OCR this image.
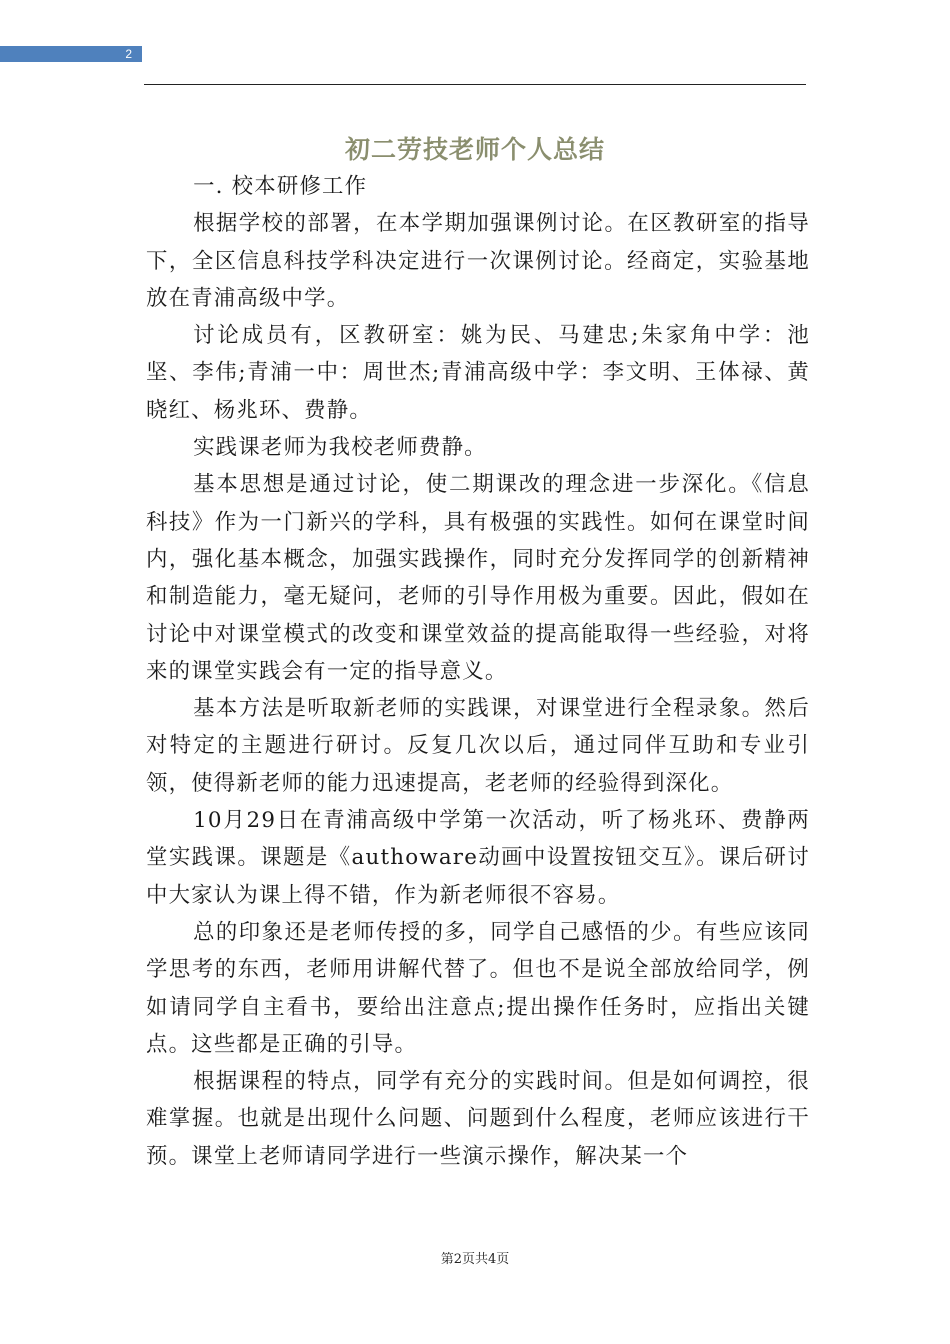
2
初二劳技老师个人总结

一. 校本研修工作

根据学校的部署，在本学期加强课例讨论。在区教研室的指导下，全区信息科技学科决定进行一次课例讨论。经商定，实验基地放在青浦高级中学。

讨论成员有，区教研室：姚为民、马建忠;朱家角中学：池坚、李伟;青浦一中：周世杰;青浦高级中学：李文明、王体禄、黄晓红、杨兆环、费静。

实践课老师为我校老师费静。

基本思想是通过讨论，使二期课改的理念进一步深化。《信息科技》作为一门新兴的学科，具有极强的实践性。如何在课堂时间内，强化基本概念，加强实践操作，同时充分发挥同学的创新精神和制造能力，毫无疑问，老师的引导作用极为重要。因此，假如在讨论中对课堂模式的改变和课堂效益的提高能取得一些经验，对将来的课堂实践会有一定的指导意义。

基本方法是听取新老师的实践课，对课堂进行全程录象。然后对特定的主题进行研讨。反复几次以后，通过同伴互助和专业引领，使得新老师的能力迅速提高，老老师的经验得到深化。

10月29日在青浦高级中学第一次活动，听了杨兆环、费静两堂实践课。课题是《authoware动画中设置按钮交互》。课后研讨中大家认为课上得不错，作为新老师很不容易。

总的印象还是老师传授的多，同学自己感悟的少。有些应该同学思考的东西，老师用讲解代替了。但也不是说全部放给同学，例如请同学自主看书，要给出注意点;提出操作任务时，应指出关键点。这些都是正确的引导。

根据课程的特点，同学有充分的实践时间。但是如何调控，很难掌握。也就是出现什么问题、问题到什么程度，老师应该进行干预。课堂上老师请同学进行一些演示操作，解决某一个

第2页共4页
